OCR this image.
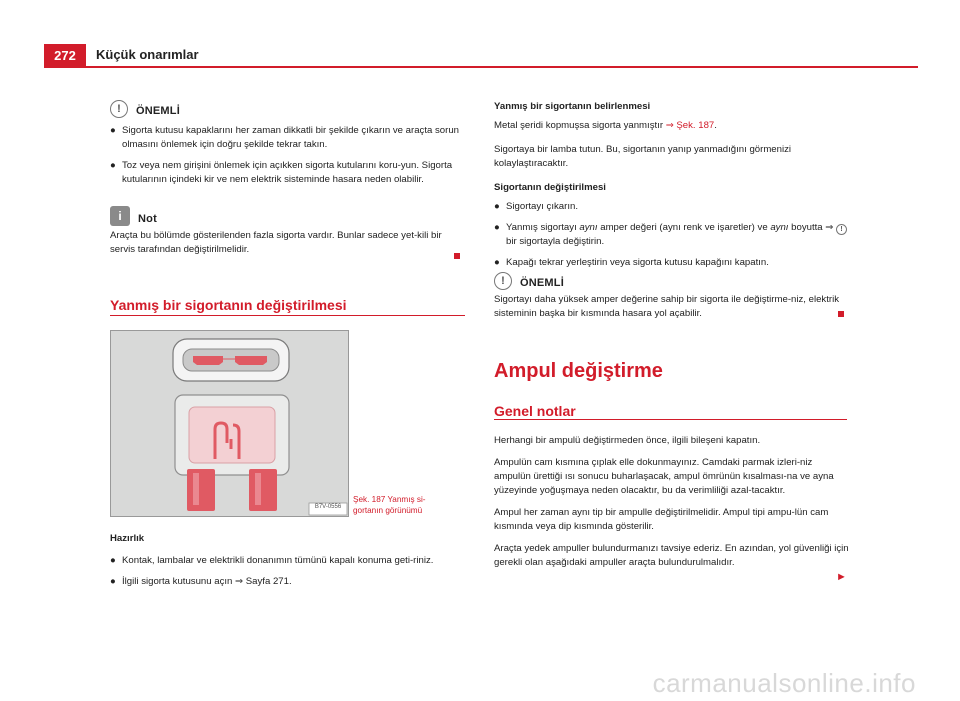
272	Küçük onarımlar
!	ÖNEMLİ
● Sigorta kutusu kapaklarını her zaman dikkatli bir şekilde çıkarın ve araçta sorun olmasını önlemek için doğru şekilde tekrar takın.
● Toz veya nem girişini önlemek için açıkken sigorta kutularını koru-yun. Sigorta kutularının içindeki kir ve nem elektrik sisteminde hasara neden olabilir.
i	Not

Araçta bu bölümde gösterilenden fazla sigorta vardır. Bunlar sadece yet-kili bir servis tarafından değiştirilmelidir.

Yanmış bir sigortanın değiştirilmesi
B7V-0556
Şek. 187 Yanmış si-
gortanın görünümü

Hazırlık

● Kontak, lambalar ve elektrikli donanımın tümünü kapalı konuma geti-riniz.
● İlgili sigorta kutusunu açın ⇒ Sayfa 271.

Yanmış bir sigortanın belirlenmesi

Metal şeridi kopmuşsa sigorta yanmıştır ⇒ Şek. 187.

Sigortaya bir lamba tutun. Bu, sigortanın yanıp yanmadığını görmenizi kolaylaştıracaktır.

Sigortanın değiştirilmesi

● Sigortayı çıkarın.
● Yanmış sigortayı aynı amper değeri (aynı renk ve işaretler) ve aynı boyutta ⇒ ! bir sigortayla değiştirin.
● Kapağı tekrar yerleştirin veya sigorta kutusu kapağını kapatın.
!	ÖNEMLİ

Sigortayı daha yüksek amper değerine sahip bir sigorta ile değiştirme-niz, elektrik sisteminin başka bir kısmında hasara yol açabilir.

Ampul değiştirme
Genel notlar

Herhangi bir ampulü değiştirmeden önce, ilgili bileşeni kapatın.

Ampulün cam kısmına çıplak elle dokunmayınız. Camdaki parmak izleri-niz ampulün ürettiği ısı sonucu buharlaşacak, ampul ömrünün kısalması-na ve ayna yüzeyinde yoğuşmaya neden olacaktır, bu da verimliliği azal-tacaktır.

Ampul her zaman aynı tip bir ampulle değiştirilmelidir. Ampul tipi ampu-lün cam kısmında veya dip kısmında gösterilir.

Araçta yedek ampuller bulundurmanızı tavsiye ederiz. En azından, yol güvenliği için gerekli olan aşağıdaki ampuller araçta bulundurulmalıdır.

►
carmanualsonline.info
